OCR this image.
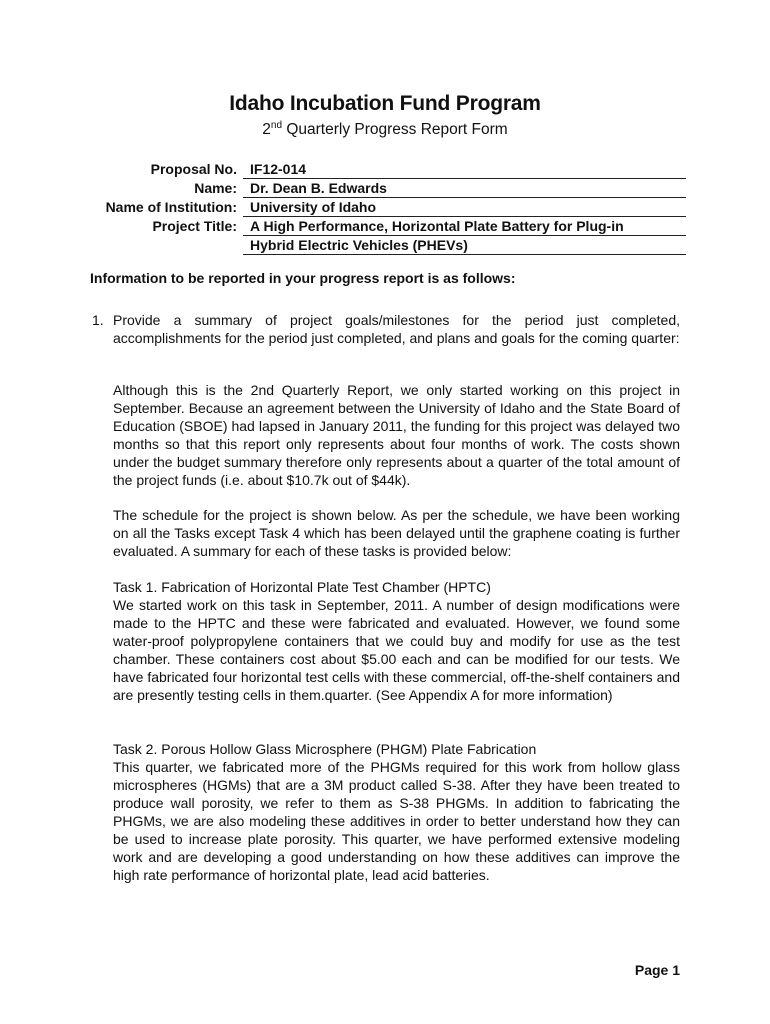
Idaho Incubation Fund Program
2nd Quarterly Progress Report Form
Proposal No. IF12-014
Name: Dr. Dean B. Edwards
Name of Institution: University of Idaho
Project Title: A High Performance, Horizontal Plate Battery for Plug-in
Hybrid Electric Vehicles (PHEVs)
Information to be reported in your progress report is as follows:
1. Provide a summary of project goals/milestones for the period just completed, accomplishments for the period just completed, and plans and goals for the coming quarter:
Although this is the 2nd Quarterly Report, we only started working on this project in September. Because an agreement between the University of Idaho and the State Board of Education (SBOE) had lapsed in January 2011, the funding for this project was delayed two months so that this report only represents about four months of work. The costs shown under the budget summary therefore only represents about a quarter of the total amount of the project funds (i.e. about $10.7k out of $44k).
The schedule for the project is shown below. As per the schedule, we have been working on all the Tasks except Task 4 which has been delayed until the graphene coating is further evaluated. A summary for each of these tasks is provided below:
Task 1. Fabrication of Horizontal Plate Test Chamber (HPTC)
We started work on this task in September, 2011. A number of design modifications were made to the HPTC and these were fabricated and evaluated. However, we found some water-proof polypropylene containers that we could buy and modify for use as the test chamber. These containers cost about $5.00 each and can be modified for our tests. We have fabricated four horizontal test cells with these commercial, off-the-shelf containers and are presently testing cells in them.quarter. (See Appendix A for more information)
Task 2. Porous Hollow Glass Microsphere (PHGM) Plate Fabrication
This quarter, we fabricated more of the PHGMs required for this work from hollow glass microspheres (HGMs) that are a 3M product called S-38. After they have been treated to produce wall porosity, we refer to them as S-38 PHGMs. In addition to fabricating the PHGMs, we are also modeling these additives in order to better understand how they can be used to increase plate porosity. This quarter, we have performed extensive modeling work and are developing a good understanding on how these additives can improve the high rate performance of horizontal plate, lead acid batteries.
Page 1
